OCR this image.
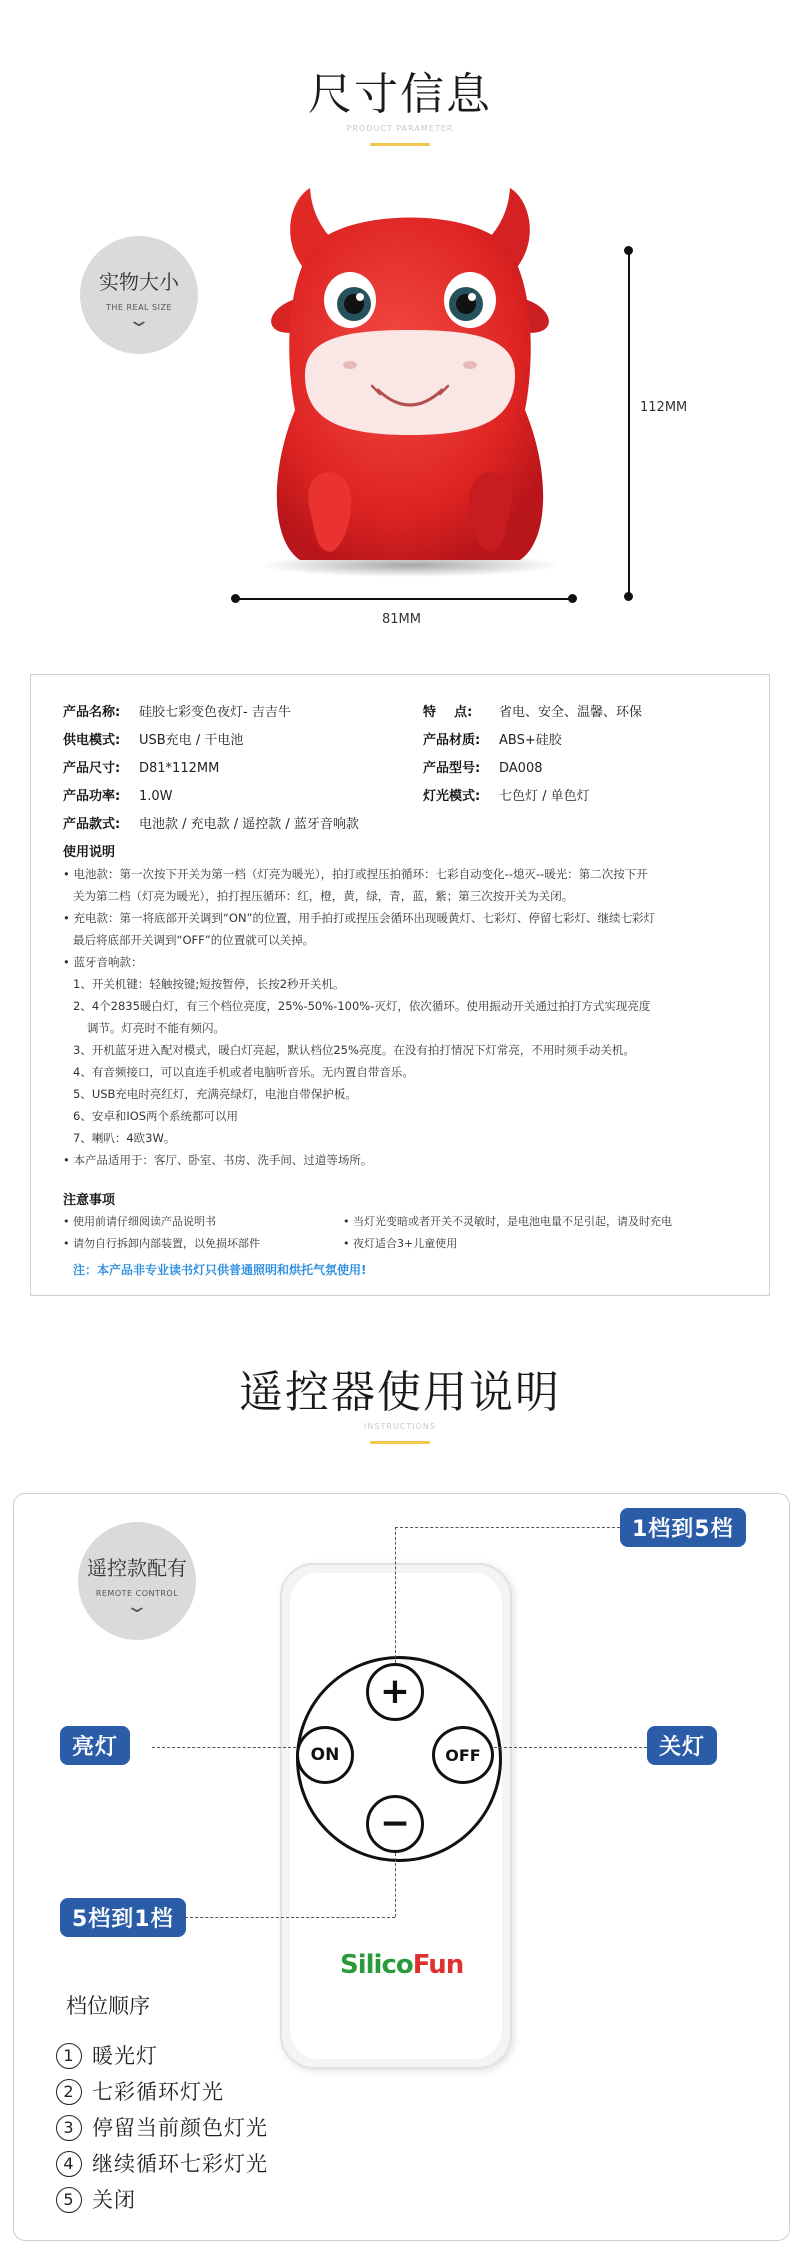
尺寸信息
PRODUCT PARAMETER
实物大小
THE REAL SIZE
⌄
112MM
81MM
产品名称: 硅胶七彩变色夜灯- 吉吉牛
供电模式: USB充电 / 干电池
产品尺寸: D81*112MM
产品功率: 1.0W
产品款式: 电池款 / 充电款 / 遥控款 / 蓝牙音响款
特    点: 省电、安全、温馨、环保
产品材质: ABS+硅胶
产品型号: DA008
灯光模式: 七色灯 / 单色灯
使用说明

• 电池款：第一次按下开关为第一档（灯亮为暖光），拍打或捏压拍循环：七彩自动变化--熄灭--暖光：第二次按下开

关为第二档（灯亮为暖光），拍打捏压循环：红，橙，黄，绿，青，蓝，紫；第三次按开关为关闭。

• 充电款：第一将底部开关调到“ON”的位置，用手拍打或捏压会循环出现暖黄灯、七彩灯、停留七彩灯、继续七彩灯

最后将底部开关调到“OFF”的位置就可以关掉。

• 蓝牙音响款：

1、开关机键：轻触按键;短按暂停，长按2秒开关机。

2、4个2835暖白灯，有三个档位亮度，25%-50%-100%-灭灯，依次循环。使用振动开关通过拍打方式实现亮度

调节。灯亮时不能有频闪。

3、开机蓝牙进入配对模式，暖白灯亮起，默认档位25%亮度。在没有拍打情况下灯常亮，不用时须手动关机。

4、有音频接口，可以直连手机或者电脑听音乐。无内置自带音乐。

5、USB充电时亮红灯，充满亮绿灯，电池自带保护板。

6、安卓和IOS两个系统都可以用

7、喇叭：4欧3W。

• 本产品适用于：客厅、卧室、书房、洗手间、过道等场所。

注意事项
• 使用前请仔细阅读产品说明书
• 请勿自行拆卸内部装置，以免损坏部件
• 当灯光变暗或者开关不灵敏时，是电池电量不足引起，请及时充电
• 夜灯适合3+儿童使用
注：本产品非专业读书灯只供普通照明和烘托气氛使用!
遥控器使用说明
INSTRUCTIONS
遥控款配有
REMOTE CONTROL
⌄
+
−
ON	OFF
SilicoFun
1档到5档
亮灯	关灯
5档到1档
档位顺序
1 暖光灯
2 七彩循环灯光
3 停留当前颜色灯光
4 继续循环七彩灯光
5 关闭
